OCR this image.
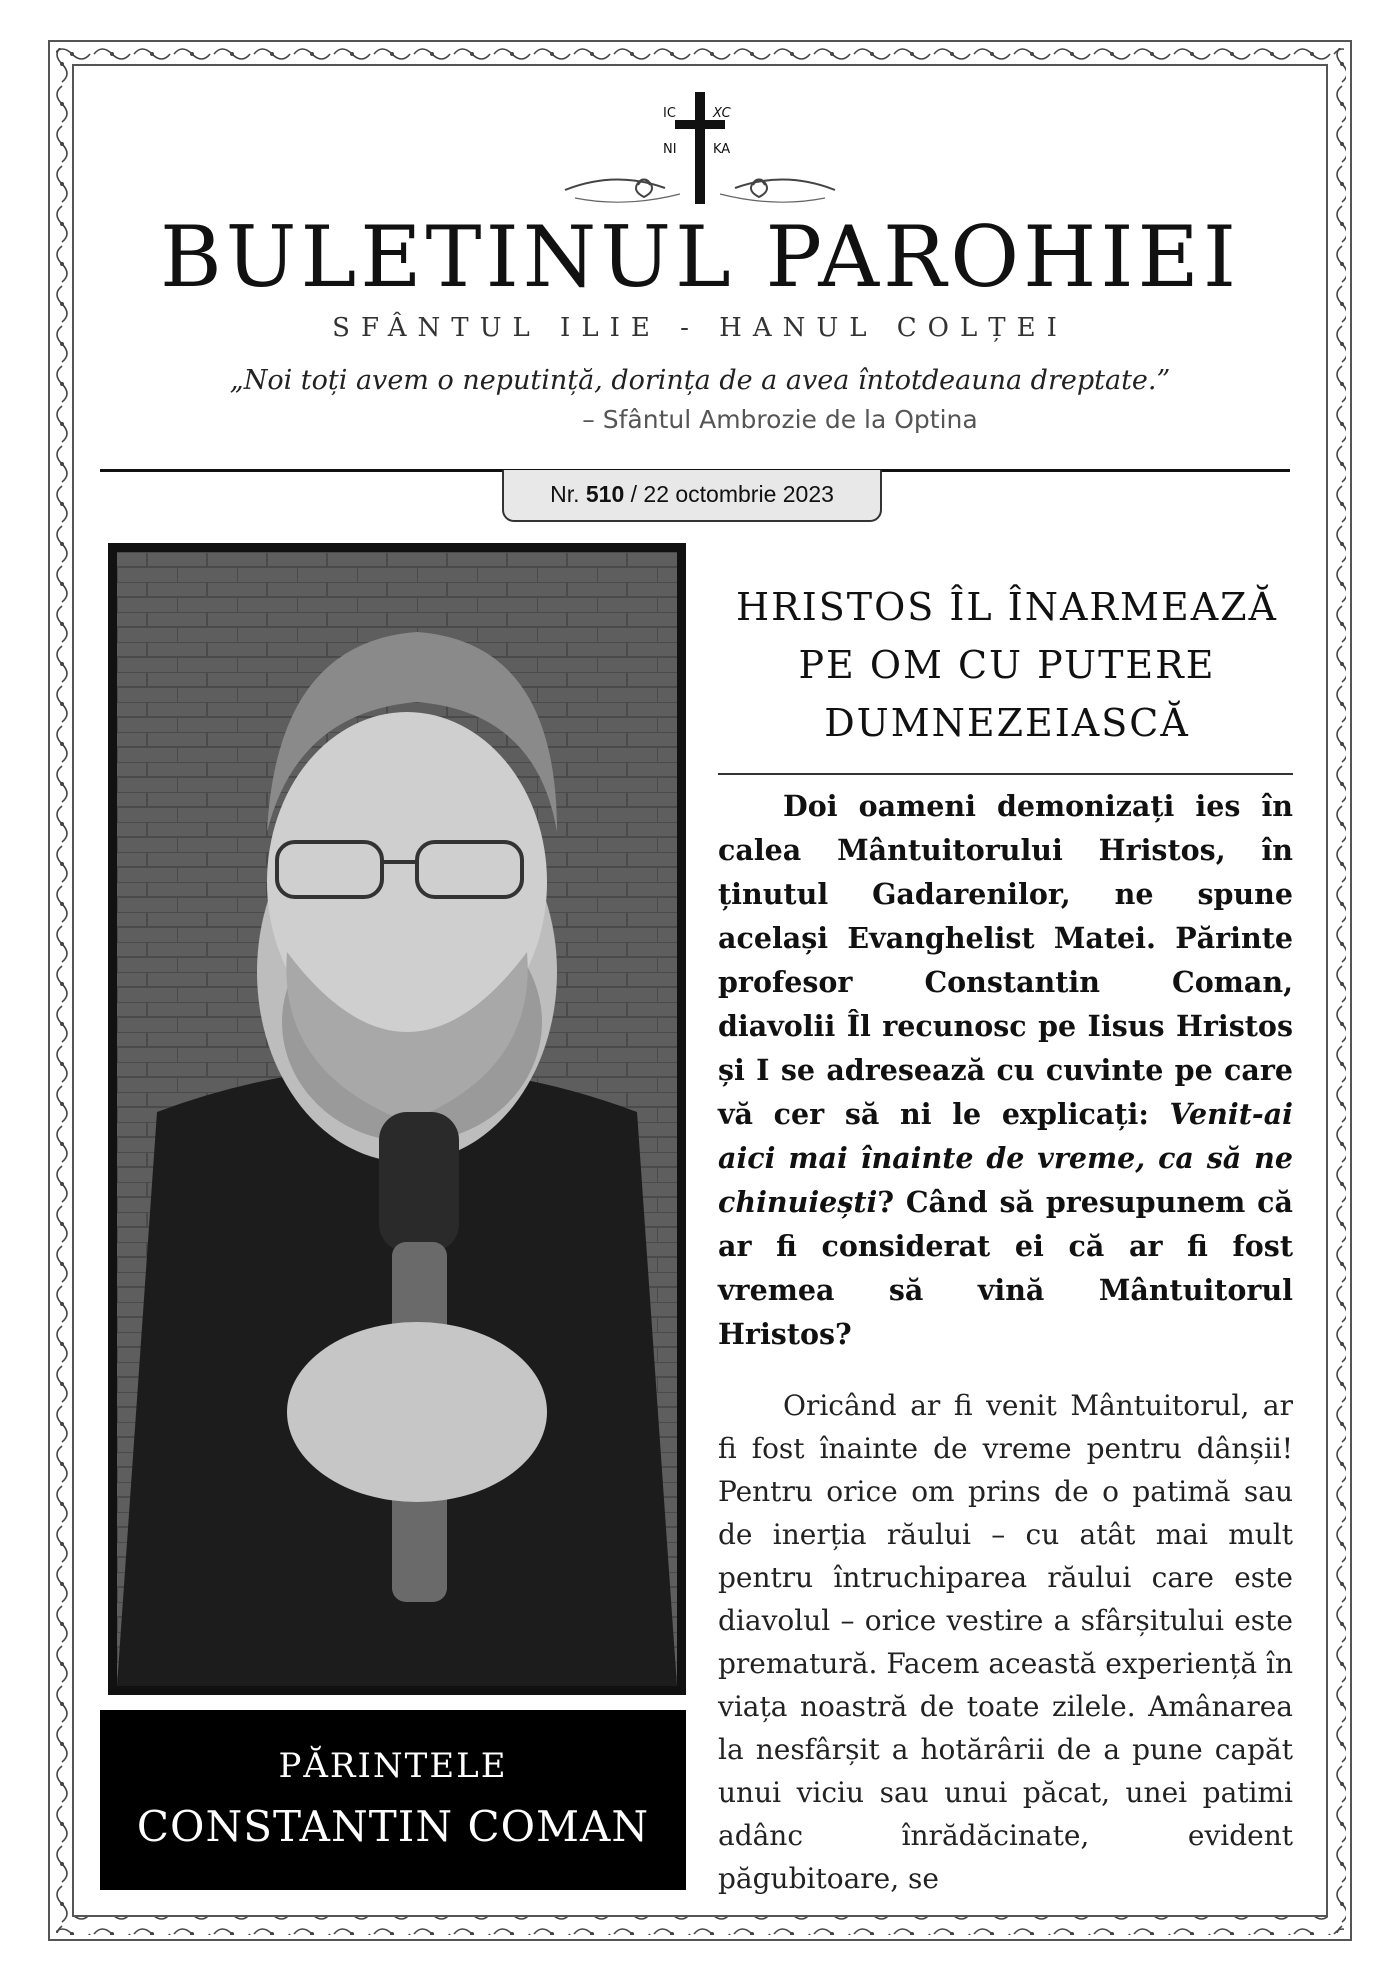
IC	XC
NI	KA
BULETINUL PAROHIEI
SFÂNTUL ILIE - HANUL COLȚEI
„Noi toți avem o neputință, dorința de a avea întotdeauna dreptate.”
– Sfântul Ambrozie de la Optina
Nr. 510 / 22 octombrie 2023
PĂRINTELE
CONSTANTIN COMAN
HRISTOS ÎL ÎNARMEAZĂ PE OM CU PUTERE DUMNEZEIASCĂ
Doi oameni demonizați ies în calea Mântuitorului Hristos, în ținutul Gadarenilor, ne spune același Evanghelist Matei. Părinte profesor Constantin Coman, diavolii Îl recunosc pe Iisus Hristos și I se adresează cu cuvinte pe care vă cer să ni le explicați: Venit-ai aici mai înainte de vreme, ca să ne chinuiești? Când să presupunem că ar fi considerat ei că ar fi fost vremea să vină Mântuitorul Hristos?
Oricând ar fi venit Mântuitorul, ar fi fost înainte de vreme pentru dânșii! Pentru orice om prins de o patimă sau de inerția răului – cu atât mai mult pentru întruchiparea răului care este diavolul – orice vestire a sfârșitului este prematură. Facem această experiență în viața noastră de toate zilele. Amânarea la nesfârșit a hotărârii de a pune capăt unui viciu sau unui păcat, unei patimi adânc înrădăcinate, evident păgubitoare, se
